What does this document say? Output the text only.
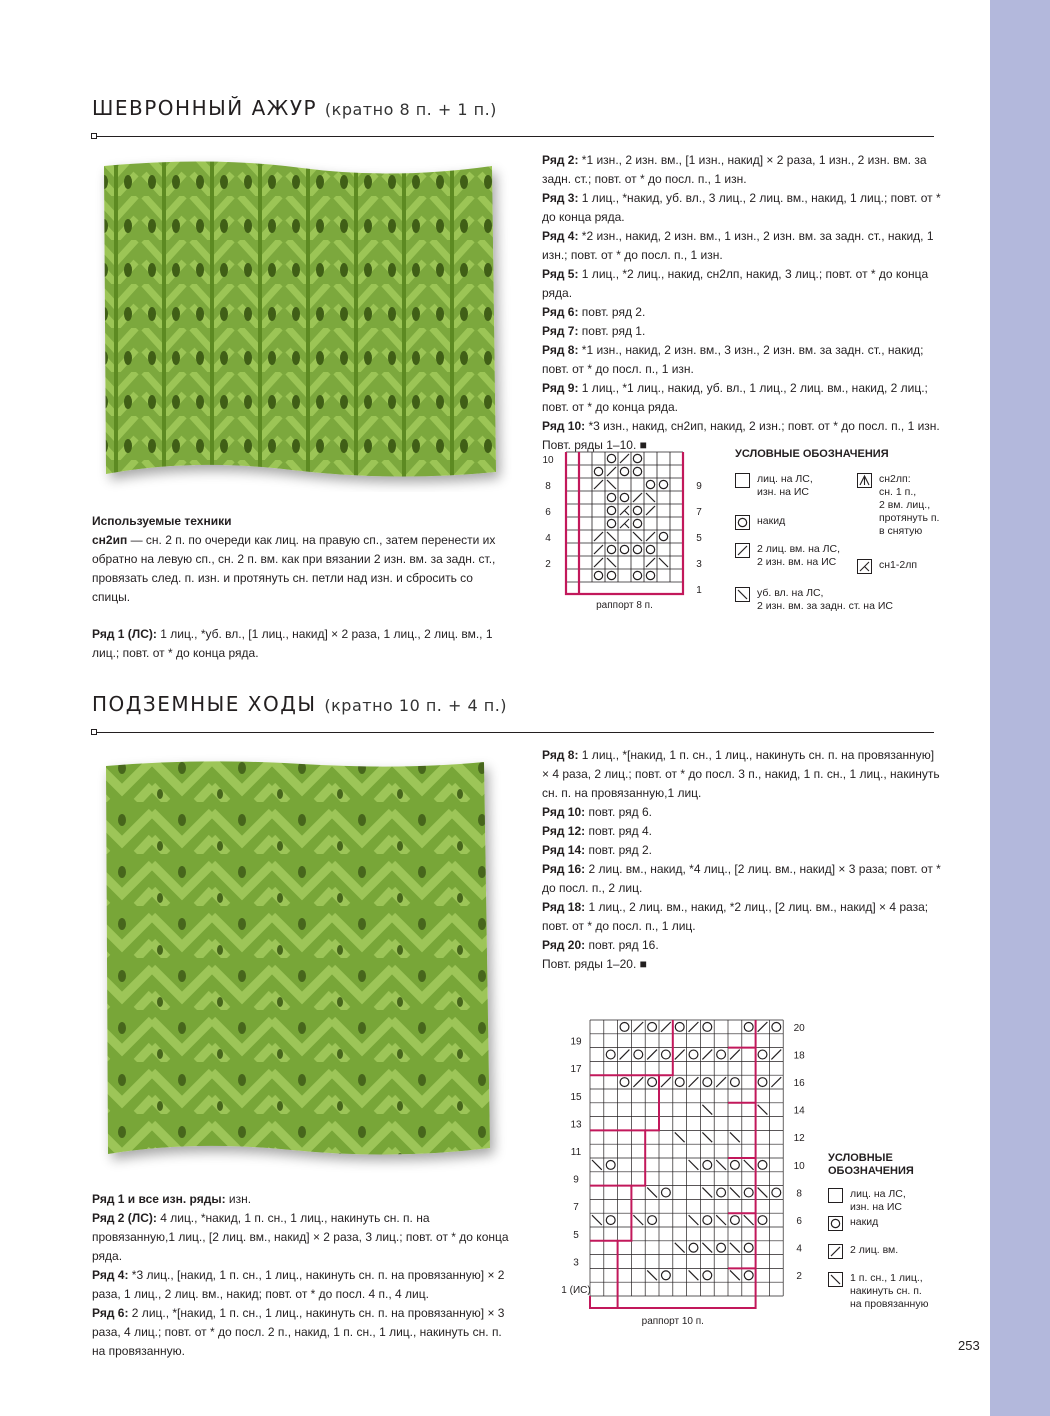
ШЕВРОННЫЙ АЖУР (кратно 8 п. + 1 п.)

Используемые техники

сн2ип — сн. 2 п. по очереди как лиц. на правую сп., затем перенести их обратно на левую сп., сн. 2 п. вм. как при вязании 2 изн. вм. за задн. ст., провязать след. п. изн. и протянуть сн. петли над изн. и сбросить со спицы.

Ряд 1 (ЛС): 1 лиц., *уб. вл., [1 лиц., накид] × 2 раза, 1 лиц., 2 лиц. вм., 1 лиц.; повт. от * до конца ряда.

Ряд 2: *1 изн., 2 изн. вм., [1 изн., накид] × 2 раза, 1 изн., 2 изн. вм. за задн. ст.; повт. от * до посл. п., 1 изн.

Ряд 3: 1 лиц., *накид, уб. вл., 3 лиц., 2 лиц. вм., накид, 1 лиц.; повт. от * до конца ряда.

Ряд 4: *2 изн., накид, 2 изн. вм., 1 изн., 2 изн. вм. за задн. ст., накид, 1 изн.; повт. от * до посл. п., 1 изн.

Ряд 5: 1 лиц., *2 лиц., накид, сн2лп, накид, 3 лиц.; повт. от * до конца ряда.

Ряд 6: повт. ряд 2.

Ряд 7: повт. ряд 1.

Ряд 8: *1 изн., накид, 2 изн. вм., 3 изн., 2 изн. вм. за задн. ст., накид; повт. от * до посл. п., 1 изн.

Ряд 9: 1 лиц., *1 лиц., накид, уб. вл., 1 лиц., 2 лиц. вм., накид, 2 лиц.; повт. от * до конца ряда.

Ряд 10: *3 изн., накид, сн2ип, накид, 2 изн.; повт. от * до посл. п., 1 изн.

Повт. ряды 1–10. ■

10
8
6
4
2
9
7
5
3
1
раппорт 8 п.
УСЛОВНЫЕ ОБОЗНАЧЕНИЯ
лиц. на ЛС,
изн. на ИС
накид
2 лиц. вм. на ЛС,
2 изн. вм. на ИС
уб. вл. на ЛС,
2 изн. вм. за задн. ст. на ИС
сн2лп:
сн. 1 п.,
2 вм. лиц.,
протянуть п.
в снятую
сн1-2лп
ПОДЗЕМНЫЕ ХОДЫ (кратно 10 п. + 4 п.)

Ряд 1 и все изн. ряды: изн.

Ряд 2 (ЛС): 4 лиц., *накид, 1 п. сн., 1 лиц., накинуть сн. п. на провязанную,1 лиц., [2 лиц. вм., накид] × 2 раза, 3 лиц.; повт. от * до конца ряда.

Ряд 4: *3 лиц., [накид, 1 п. сн., 1 лиц., накинуть сн. п. на провязанную] × 2 раза, 1 лиц., 2 лиц. вм., накид; повт. от * до посл. 4 п., 4 лиц.

Ряд 6: 2 лиц., *[накид, 1 п. сн., 1 лиц., накинуть сн. п. на провязанную] × 3 раза, 4 лиц.; повт. от * до посл. 2 п., накид, 1 п. сн., 1 лиц., накинуть сн. п. на провязанную.

Ряд 8: 1 лиц., *[накид, 1 п. сн., 1 лиц., накинуть сн. п. на провязанную] × 4 раза, 2 лиц.; повт. от * до посл. 3 п., накид, 1 п. сн., 1 лиц., накинуть сн. п. на провязанную,1 лиц.

Ряд 10: повт. ряд 6.

Ряд 12: повт. ряд 4.

Ряд 14: повт. ряд 2.

Ряд 16: 2 лиц. вм., накид, *4 лиц., [2 лиц. вм., накид] × 3 раза; повт. от * до посл. п., 2 лиц.

Ряд 18: 1 лиц., 2 лиц. вм., накид, *2 лиц., [2 лиц. вм., накид] × 4 раза; повт. от * до посл. п., 1 лиц.

Ряд 20: повт. ряд 16.

Повт. ряды 1–20. ■

19
17
15
13
11
9
7
5
3
1 (ИС)
20
18
16
14
12
10
8
6
4
2
раппорт 10 п.
УСЛОВНЫЕ
ОБОЗНАЧЕНИЯ
лиц. на ЛС,
изн. на ИС
накид
2 лиц. вм.
1 п. сн., 1 лиц.,
накинуть сн. п.
на провязанную
253
